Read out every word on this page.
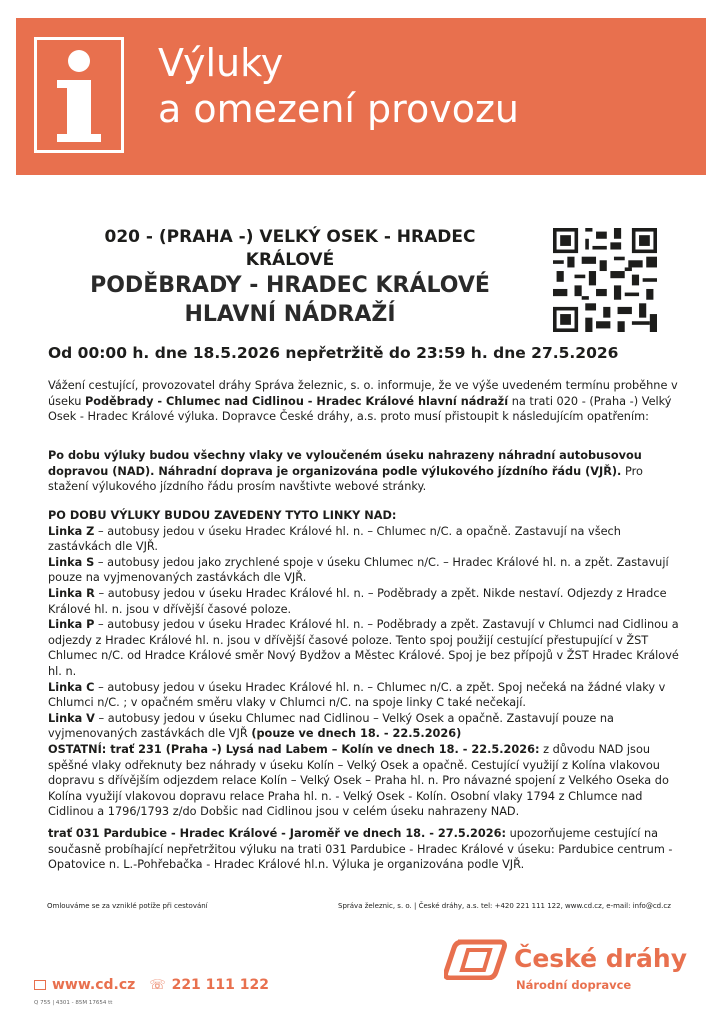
Výluky
a omezení provozu
020 - (PRAHA -) VELKÝ OSEK - HRADEC
KRÁLOVÉ
PODĚBRADY - HRADEC KRÁLOVÉ
HLAVNÍ NÁDRAŽÍ
Od 00:00 h. dne 18.5.2026 nepřetržitě do 23:59 h. dne 27.5.2026
Vážení cestující, provozovatel dráhy Správa železnic, s. o. informuje, že ve výše uvedeném termínu proběhne v úseku Poděbrady - Chlumec nad Cidlinou - Hradec Králové hlavní nádraží na trati 020 - (Praha -) Velký Osek - Hradec Králové výluka. Dopravce České dráhy, a.s. proto musí přistoupit k následujícím opatřením:
Po dobu výluky budou všechny vlaky ve vyloučeném úseku nahrazeny náhradní autobusovou dopravou (NAD). Náhradní doprava je organizována podle výlukového jízdního řádu (VJŘ). Pro stažení výlukového jízdního řádu prosím navštivte webové stránky.
PO DOBU VÝLUKY BUDOU ZAVEDENY TYTO LINKY NAD:
Linka Z – autobusy jedou v úseku Hradec Králové hl. n. – Chlumec n/C. a opačně. Zastavují na všech zastávkách dle VJŘ.
Linka S – autobusy jedou jako zrychlené spoje v úseku Chlumec n/C. – Hradec Králové hl. n. a zpět. Zastavují pouze na vyjmenovaných zastávkách dle VJŘ.
Linka R – autobusy jedou v úseku Hradec Králové hl. n. – Poděbrady a zpět. Nikde nestaví. Odjezdy z Hradce Králové hl. n. jsou v dřívější časové poloze.
Linka P – autobusy jedou v úseku Hradec Králové hl. n. – Poděbrady a zpět. Zastavují v Chlumci nad Cidlinou a odjezdy z Hradec Králové hl. n. jsou v dřívější časové poloze. Tento spoj použijí cestující přestupující v ŽST Chlumec n/C. od Hradce Králové směr Nový Bydžov a Městec Králové. Spoj je bez přípojů v ŽST Hradec Králové hl. n.
Linka C – autobusy jedou v úseku Hradec Králové hl. n. – Chlumec n/C. a zpět. Spoj nečeká na žádné vlaky v Chlumci n/C. ; v opačném směru vlaky v Chlumci n/C. na spoje linky C také nečekají.
Linka V – autobusy jedou v úseku Chlumec nad Cidlinou – Velký Osek a opačně. Zastavují pouze na vyjmenovaných zastávkách dle VJŘ (pouze ve dnech 18. - 22.5.2026)
OSTATNÍ: trať 231 (Praha -) Lysá nad Labem – Kolín ve dnech 18. - 22.5.2026: z důvodu NAD jsou spěšné vlaky odřeknuty bez náhrady v úseku Kolín – Velký Osek a opačně. Cestující využijí z Kolína vlakovou dopravu s dřívějším odjezdem relace Kolín – Velký Osek – Praha hl. n. Pro návazné spojení z Velkého Oseka do Kolína využijí vlakovou dopravu relace Praha hl. n. - Velký Osek - Kolín. Osobní vlaky 1794 z Chlumce nad Cidlinou a 1796/1793 z/do Dobšic nad Cidlinou jsou v celém úseku nahrazeny NAD.
trať 031 Pardubice - Hradec Králové - Jaroměř ve dnech 18. - 27.5.2026: upozorňujeme cestující na současně probíhající nepřetržitou výluku na trati 031 Pardubice - Hradec Králové v úseku: Pardubice centrum - Opatovice n. L.-Pohřebačka - Hradec Králové hl.n. Výluka je organizována podle VJŘ.
Omlouváme se za vzniklé potíže při cestování	Správa železnic, s. o. | České dráhy, a.s. tel: +420 221 111 122, www.cd.cz, e-mail: info@cd.cz
České dráhy
Národní dopravce
www.cd.cz ☏ 221 111 122
Q 755 | 4301 - 85M 17654 tt
